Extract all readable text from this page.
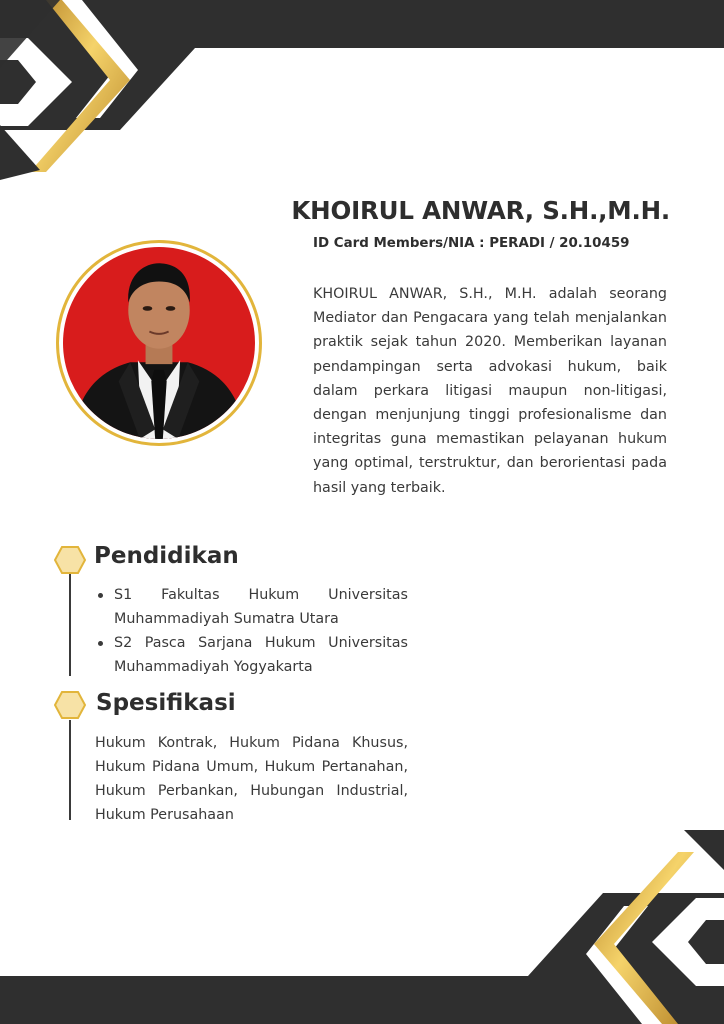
KHOIRUL ANWAR, S.H.,M.H.
ID Card Members/NIA : PERADI / 20.10459

KHOIRUL ANWAR, S.H., M.H. adalah seorang Mediator dan Pengacara yang telah menjalankan praktik sejak tahun 2020. Memberikan layanan pendampingan serta advokasi hukum, baik dalam perkara litigasi maupun non-litigasi, dengan menjunjung tinggi profesionalisme dan integritas guna memastikan pelayanan hukum yang optimal, terstruktur, dan berorientasi pada hasil yang terbaik.

Pendidikan
S1 Fakultas Hukum Universitas Muhammadiyah Sumatra Utara
S2 Pasca Sarjana Hukum Universitas Muhammadiyah Yogyakarta
Spesifikasi

Hukum Kontrak, Hukum Pidana Khusus, Hukum Pidana Umum, Hukum Pertanahan, Hukum Perbankan, Hubungan Industrial, Hukum Perusahaan
